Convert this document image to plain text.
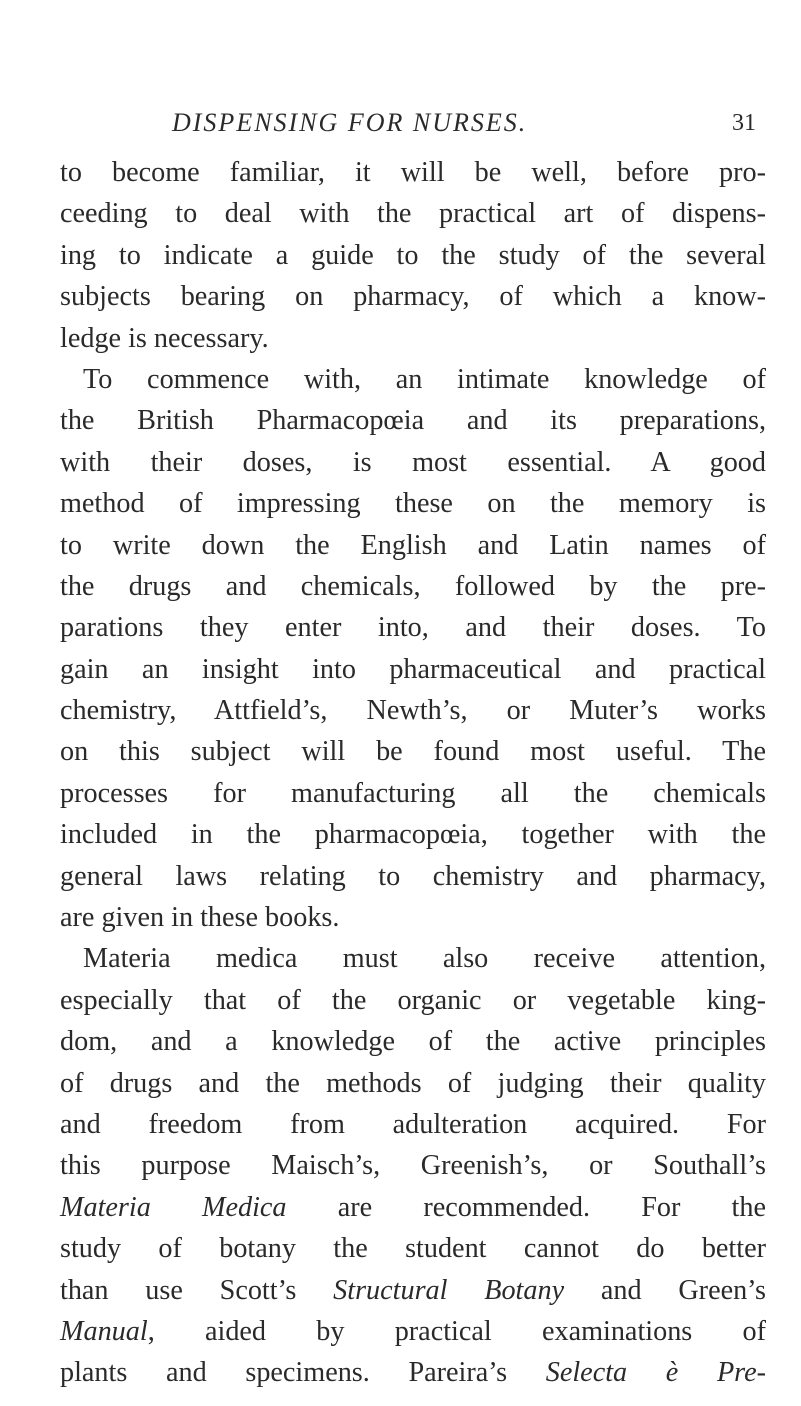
DISPENSING FOR NURSES.	31
to become familiar, it will be well, before pro-
ceeding to deal with the practical art of dispens-
ing to indicate a guide to the study of the several
subjects bearing on pharmacy, of which a know-
ledge is necessary.
To commence with, an intimate knowledge of
the British Pharmacopœia and its preparations,
with their doses, is most essential. A good
method of impressing these on the memory is
to write down the English and Latin names of
the drugs and chemicals, followed by the pre-
parations they enter into, and their doses. To
gain an insight into pharmaceutical and practical
chemistry, Attfield’s, Newth’s, or Muter’s works
on this subject will be found most useful. The
processes for manufacturing all the chemicals
included in the pharmacopœia, together with the
general laws relating to chemistry and pharmacy,
are given in these books.
Materia medica must also receive attention,
especially that of the organic or vegetable king-
dom, and a knowledge of the active principles
of drugs and the methods of judging their quality
and freedom from adulteration acquired. For
this purpose Maisch’s, Greenish’s, or Southall’s
Materia Medica are recommended. For the
study of botany the student cannot do better
than use Scott’s Structural Botany and Green’s
Manual, aided by practical examinations of
plants and specimens. Pareira’s Selecta è Pre-
